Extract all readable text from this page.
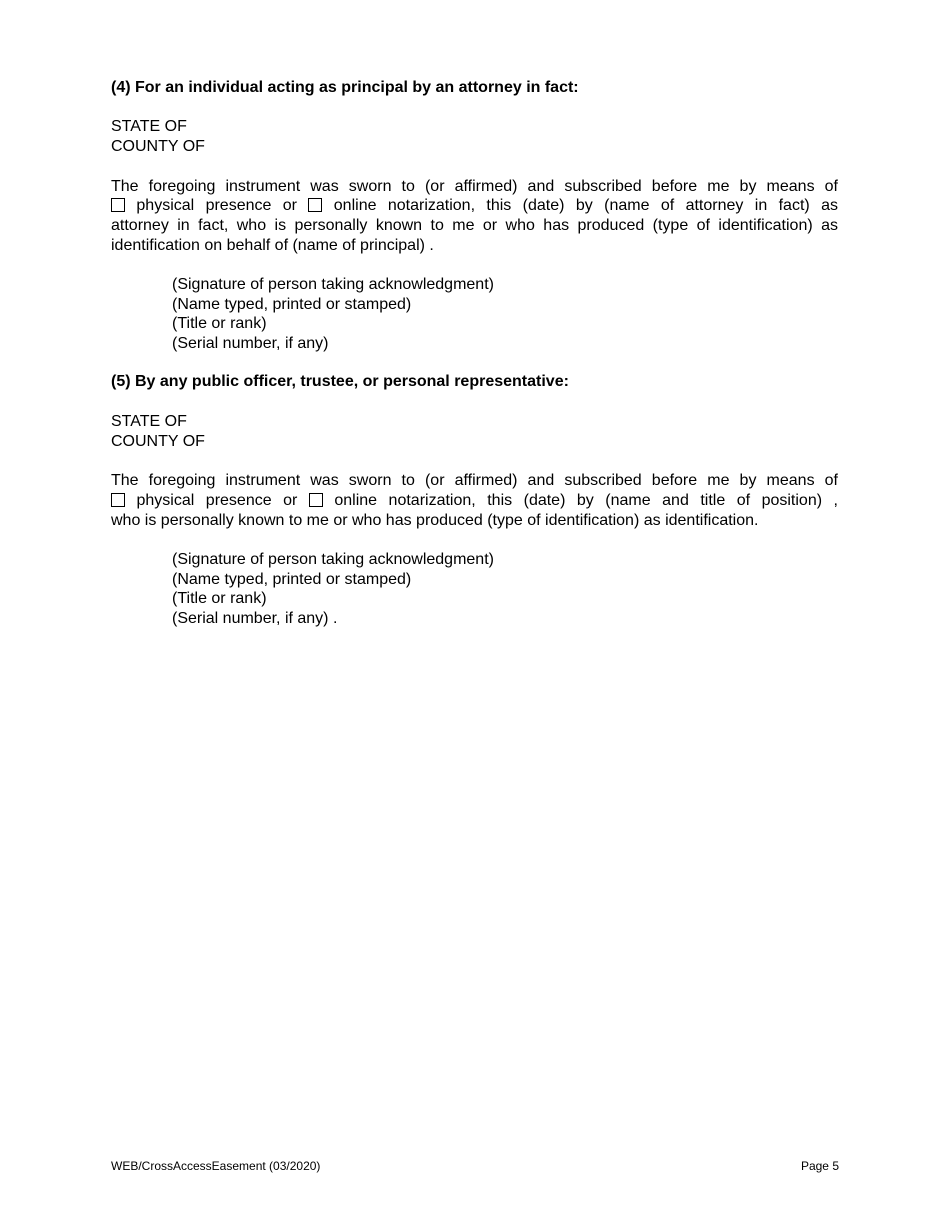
(4) For an individual acting as principal by an attorney in fact:
STATE OF
COUNTY OF
The foregoing instrument was sworn to (or affirmed) and subscribed before me by means of
physical presence or online notarization, this (date) by (name of attorney in fact) as
attorney in fact, who is personally known to me or who has produced (type of identification) as
identification on behalf of (name of principal) .
(Signature of person taking acknowledgment)
(Name typed, printed or stamped)
(Title or rank)
(Serial number, if any)
(5) By any public officer, trustee, or personal representative:
STATE OF
COUNTY OF
The foregoing instrument was sworn to (or affirmed) and subscribed before me by means of
physical presence or online notarization, this (date) by (name and title of position) ,
who is personally known to me or who has produced (type of identification) as identification.
(Signature of person taking acknowledgment)
(Name typed, printed or stamped)
(Title or rank)
(Serial number, if any) .
WEB/CrossAccessEasement (03/2020)	Page 5
